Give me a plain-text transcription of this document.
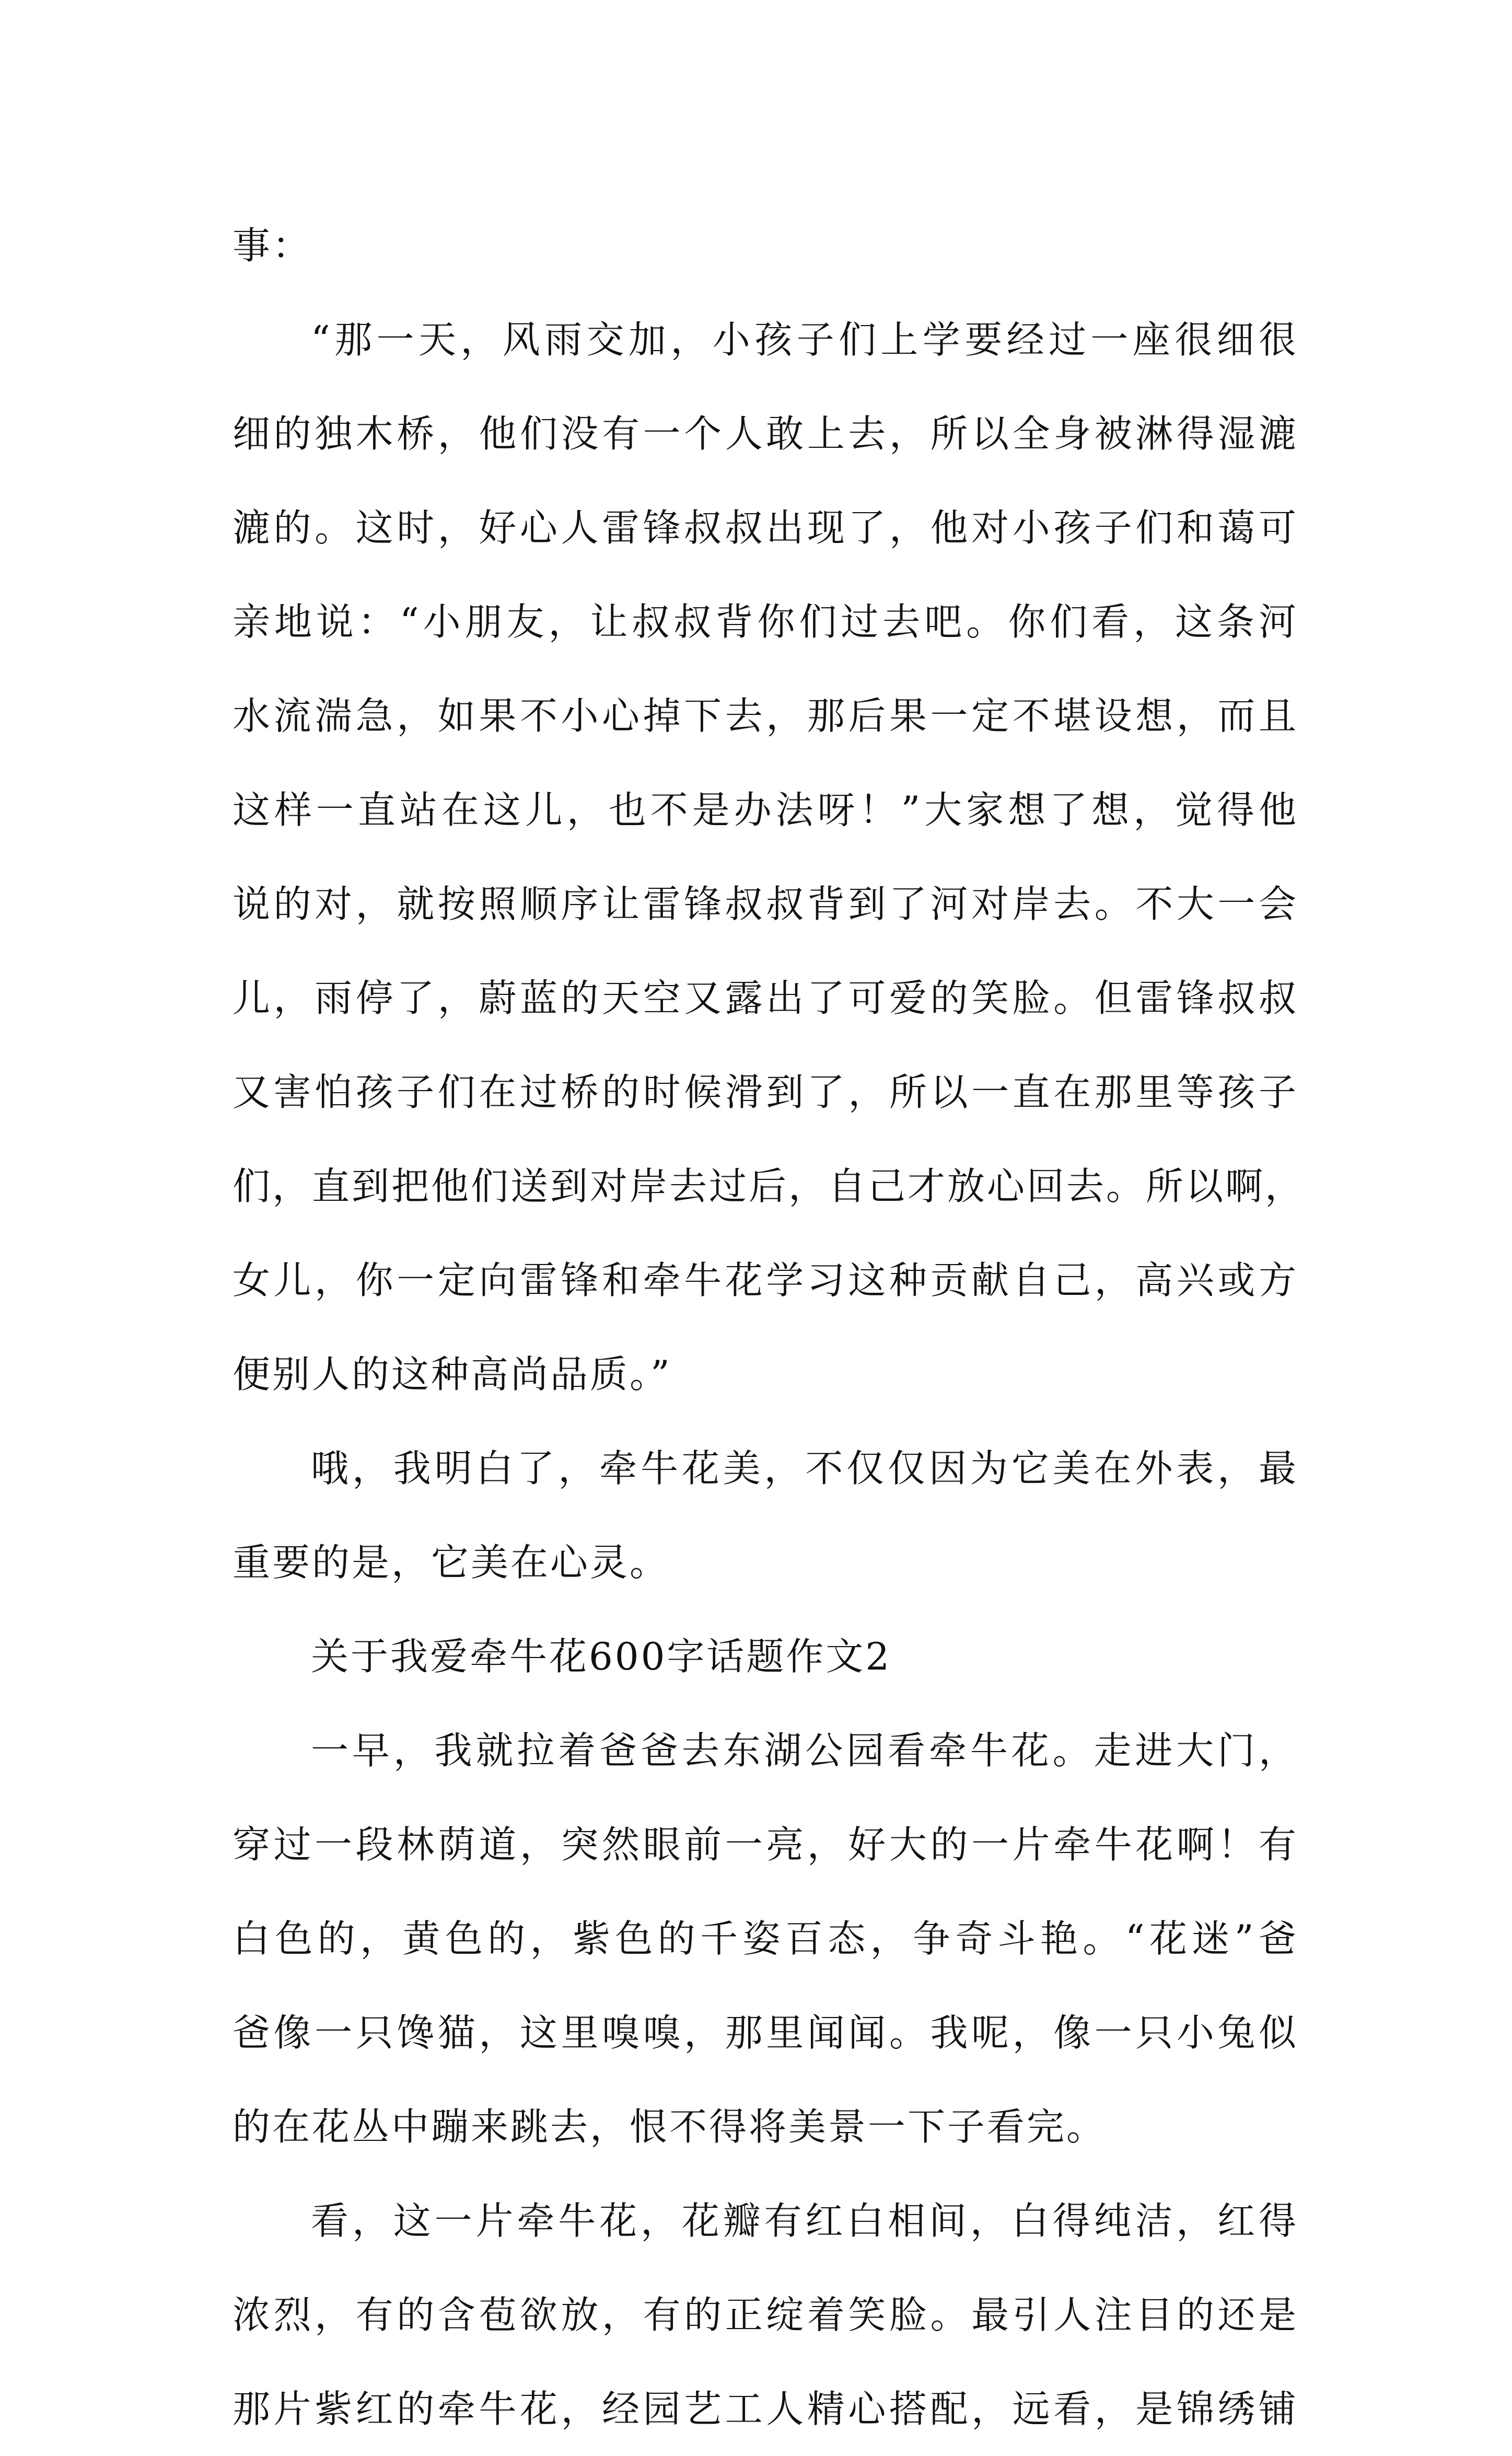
事：
“那一天，风雨交加，小孩子们上学要经过一座很细很
细的独木桥，他们没有一个人敢上去，所以全身被淋得湿漉
漉的。这时，好心人雷锋叔叔出现了，他对小孩子们和蔼可
亲地说：“小朋友，让叔叔背你们过去吧。你们看，这条河
水流湍急，如果不小心掉下去，那后果一定不堪设想，而且
这样一直站在这儿，也不是办法呀！”大家想了想，觉得他
说的对，就按照顺序让雷锋叔叔背到了河对岸去。不大一会
儿，雨停了，蔚蓝的天空又露出了可爱的笑脸。但雷锋叔叔
又害怕孩子们在过桥的时候滑到了，所以一直在那里等孩子
们，直到把他们送到对岸去过后，自己才放心回去。所以啊，
女儿，你一定向雷锋和牵牛花学习这种贡献自己，高兴或方
便别人的这种高尚品质。”
哦，我明白了，牵牛花美，不仅仅因为它美在外表，最
重要的是，它美在心灵。
关于我爱牵牛花600字话题作文2
一早，我就拉着爸爸去东湖公园看牵牛花。走进大门，
穿过一段林荫道，突然眼前一亮，好大的一片牵牛花啊！有
白色的，黄色的，紫色的千姿百态，争奇斗艳。“花迷”爸
爸像一只馋猫，这里嗅嗅，那里闻闻。我呢，像一只小兔似
的在花丛中蹦来跳去，恨不得将美景一下子看完。
看，这一片牵牛花，花瓣有红白相间，白得纯洁，红得
浓烈，有的含苞欲放，有的正绽着笑脸。最引人注目的还是
那片紫红的牵牛花，经园艺工人精心搭配，远看，是锦绣铺
